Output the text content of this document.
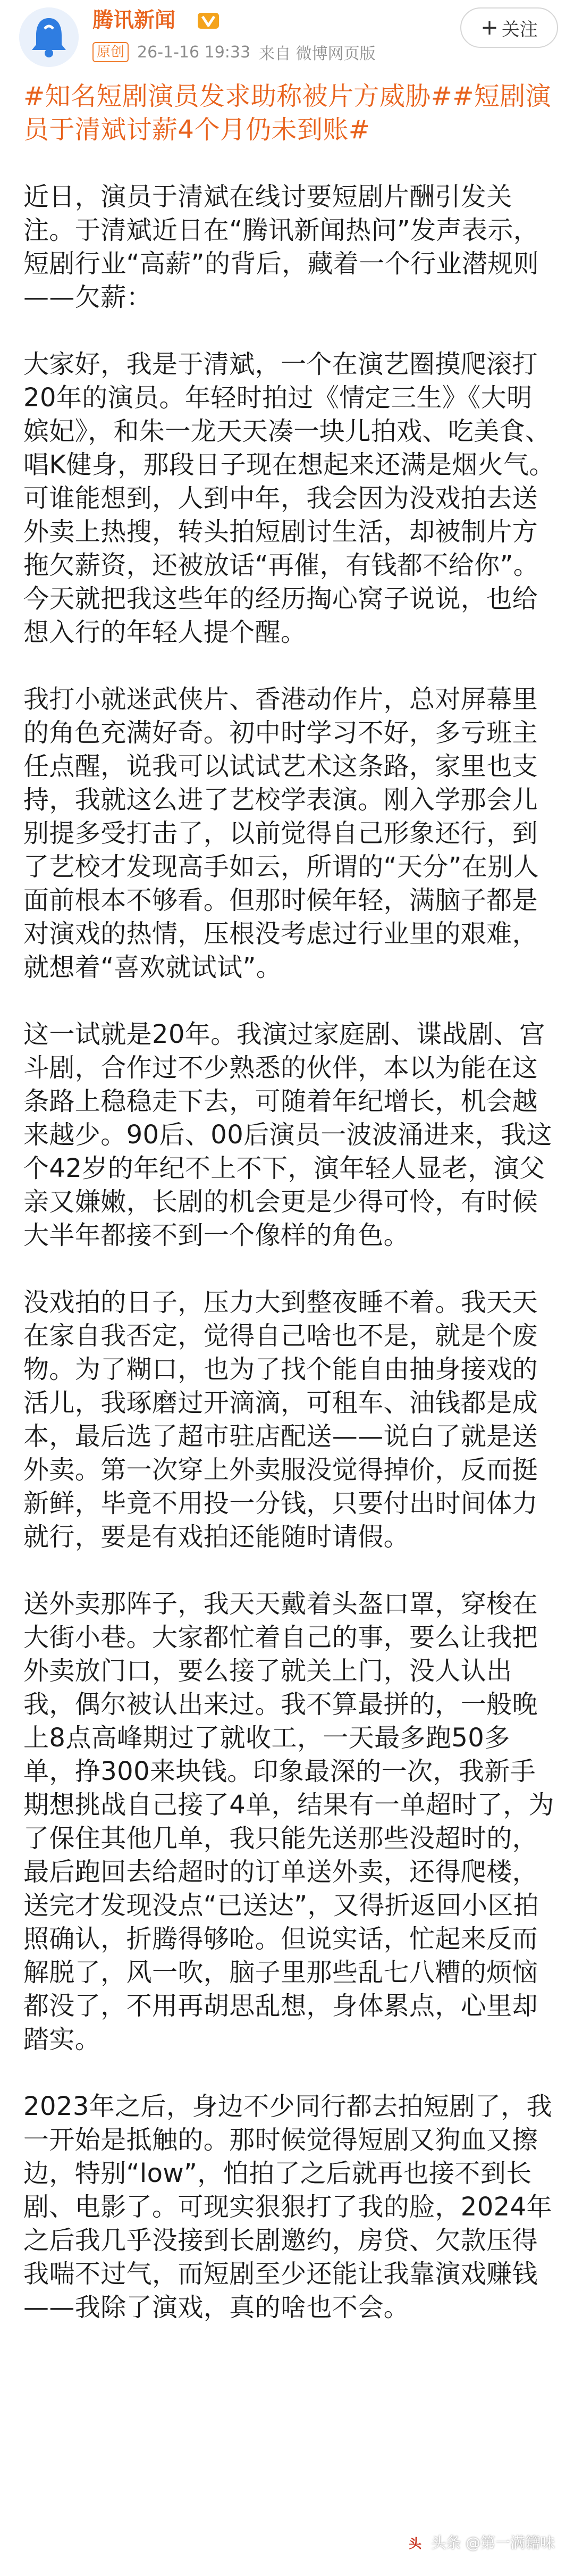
腾讯新闻
原创 26-1-16 19:33 来自 微博网页版
+ 关注

#知名短剧演员发求助称被片方威胁##短剧演员于清斌讨薪4个月仍未到账#

近日，演员于清斌在线讨要短剧片酬引发关注。于清斌近日在“腾讯新闻热问”发声表示，短剧行业“高薪”的背后，藏着一个行业潜规则——欠薪：

大家好，我是于清斌，一个在演艺圈摸爬滚打20年的演员。年轻时拍过《情定三生》《大明嫔妃》，和朱一龙天天凑一块儿拍戏、吃美食、唱K健身，那段日子现在想起来还满是烟火气。可谁能想到，人到中年，我会因为没戏拍去送外卖上热搜，转头拍短剧讨生活，却被制片方拖欠薪资，还被放话“再催，有钱都不给你”。今天就把我这些年的经历掏心窝子说说，也给想入行的年轻人提个醒。

我打小就迷武侠片、香港动作片，总对屏幕里的角色充满好奇。初中时学习不好，多亏班主任点醒，说我可以试试艺术这条路，家里也支持，我就这么进了艺校学表演。刚入学那会儿别提多受打击了，以前觉得自己形象还行，到了艺校才发现高手如云，所谓的“天分”在别人面前根本不够看。但那时候年轻，满脑子都是对演戏的热情，压根没考虑过行业里的艰难，就想着“喜欢就试试”。

这一试就是20年。我演过家庭剧、谍战剧、宫斗剧，合作过不少熟悉的伙伴，本以为能在这条路上稳稳走下去，可随着年纪增长，机会越来越少。90后、00后演员一波波涌进来，我这个42岁的年纪不上不下，演年轻人显老，演父亲又嫌嫩，长剧的机会更是少得可怜，有时候大半年都接不到一个像样的角色。

没戏拍的日子，压力大到整夜睡不着。我天天在家自我否定，觉得自己啥也不是，就是个废物。为了糊口，也为了找个能自由抽身接戏的活儿，我琢磨过开滴滴，可租车、油钱都是成本，最后选了超市驻店配送——说白了就是送外卖。第一次穿上外卖服没觉得掉价，反而挺新鲜，毕竟不用投一分钱，只要付出时间体力就行，要是有戏拍还能随时请假。

送外卖那阵子，我天天戴着头盔口罩，穿梭在大街小巷。大家都忙着自己的事，要么让我把外卖放门口，要么接了就关上门，没人认出我，偶尔被认出来过。我不算最拼的，一般晚上8点高峰期过了就收工，一天最多跑50多单，挣300来块钱。印象最深的一次，我新手期想挑战自己接了4单，结果有一单超时了，为了保住其他几单，我只能先送那些没超时的，最后跑回去给超时的订单送外卖，还得爬楼，送完才发现没点“已送达”，又得折返回小区拍照确认，折腾得够呛。但说实话，忙起来反而解脱了，风一吹，脑子里那些乱七八糟的烦恼都没了，不用再胡思乱想，身体累点，心里却踏实。

2023年之后，身边不少同行都去拍短剧了，我一开始是抵触的。那时候觉得短剧又狗血又擦边，特别“low”，怕拍了之后就再也接不到长剧、电影了。可现实狠狠打了我的脸，2024年之后我几乎没接到长剧邀约，房贷、欠款压得我喘不过气，而短剧至少还能让我靠演戏赚钱——我除了演戏，真的啥也不会。

头 头条 @第一满籍味
